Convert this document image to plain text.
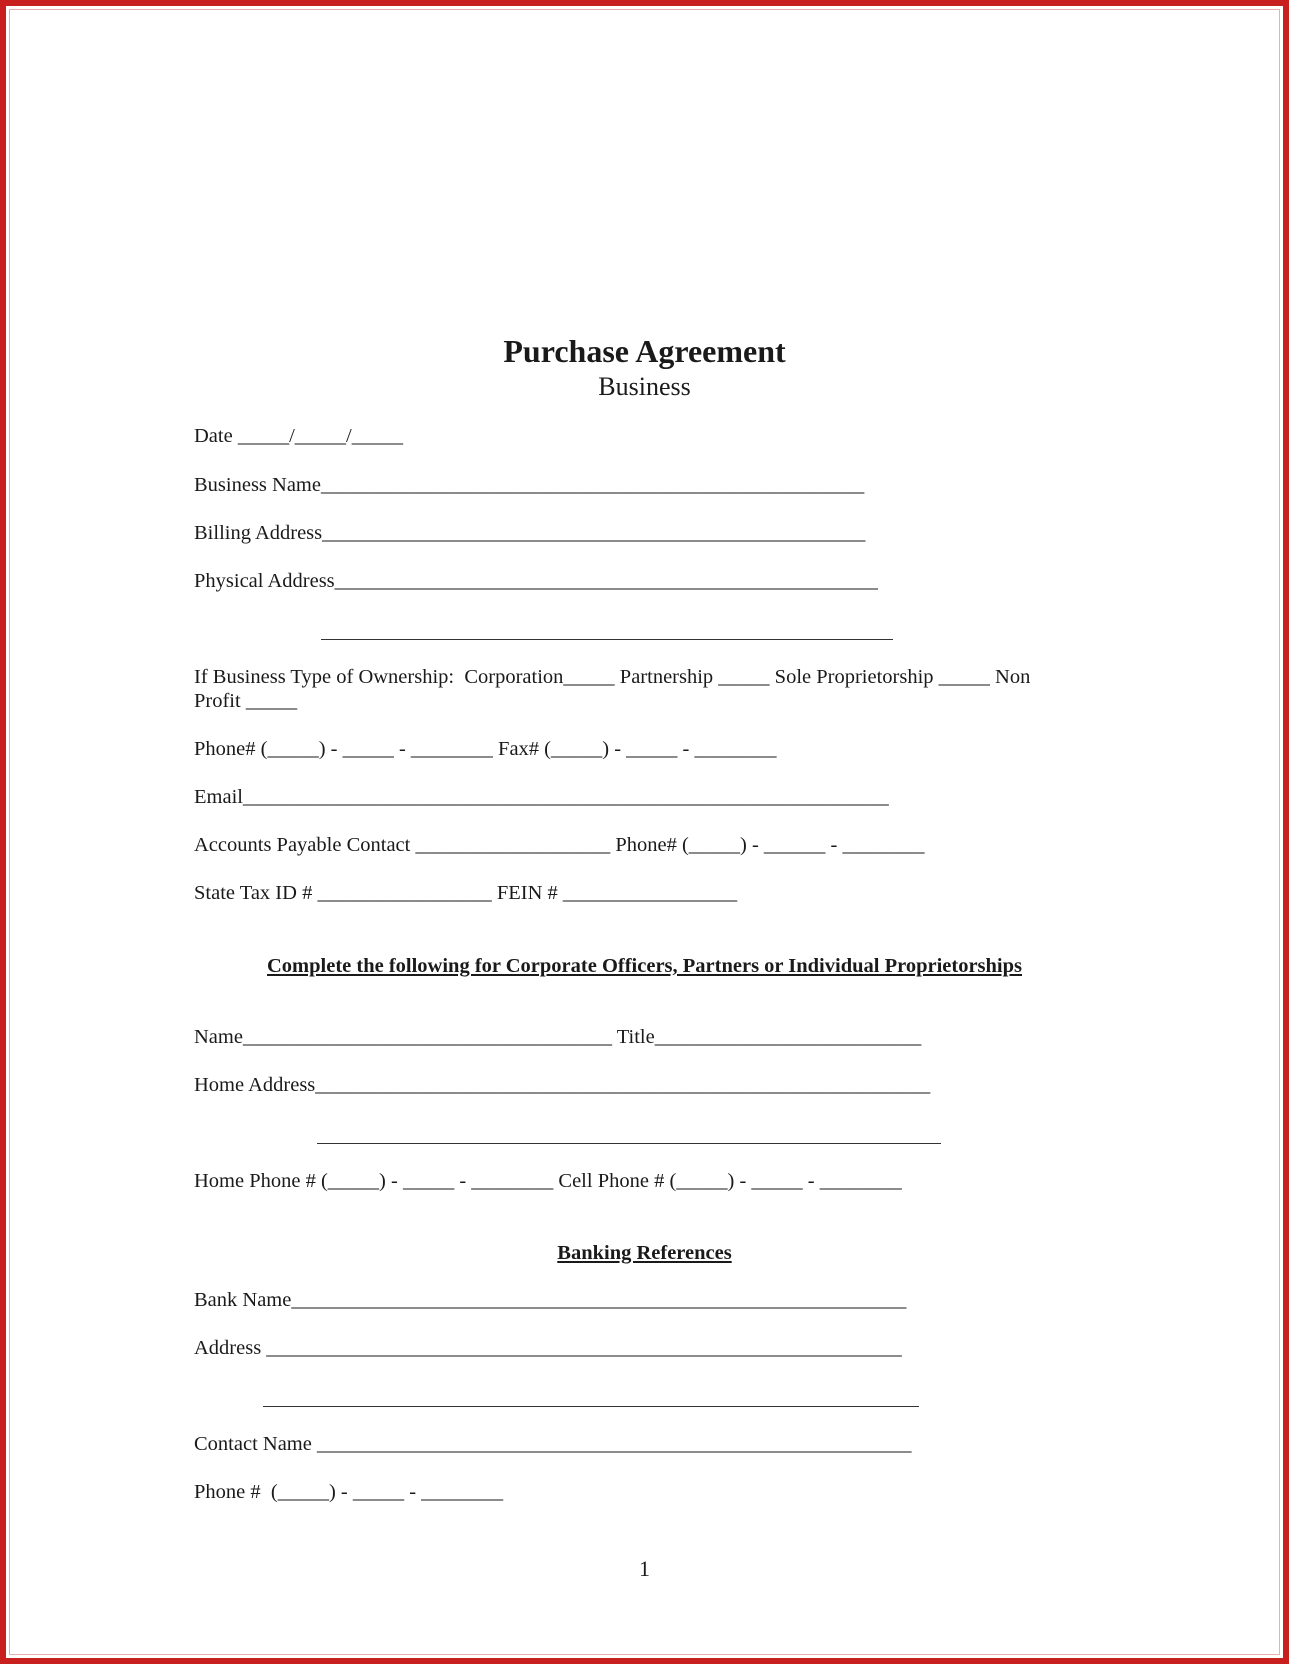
Purchase Agreement
Business
Date _____/_____/_____
Business Name_____________________________________________________
Billing Address_____________________________________________________
Physical Address_____________________________________________________
If Business Type of Ownership:  Corporation_____ Partnership _____ Sole Proprietorship _____ Non
Profit _____
Phone# (_____) - _____ - ________ Fax# (_____) - _____ - ________
Email_______________________________________________________________
Accounts Payable Contact ___________________ Phone# (_____) - ______ - ________
State Tax ID # _________________ FEIN # _________________
Complete the following for Corporate Officers, Partners or Individual Proprietorships
Name____________________________________ Title__________________________
Home Address____________________________________________________________
Home Phone # (_____) - _____ - ________ Cell Phone # (_____) - _____ - ________
Banking References
Bank Name____________________________________________________________
Address ______________________________________________________________
Contact Name __________________________________________________________
Phone #  (_____) - _____ - ________
1
